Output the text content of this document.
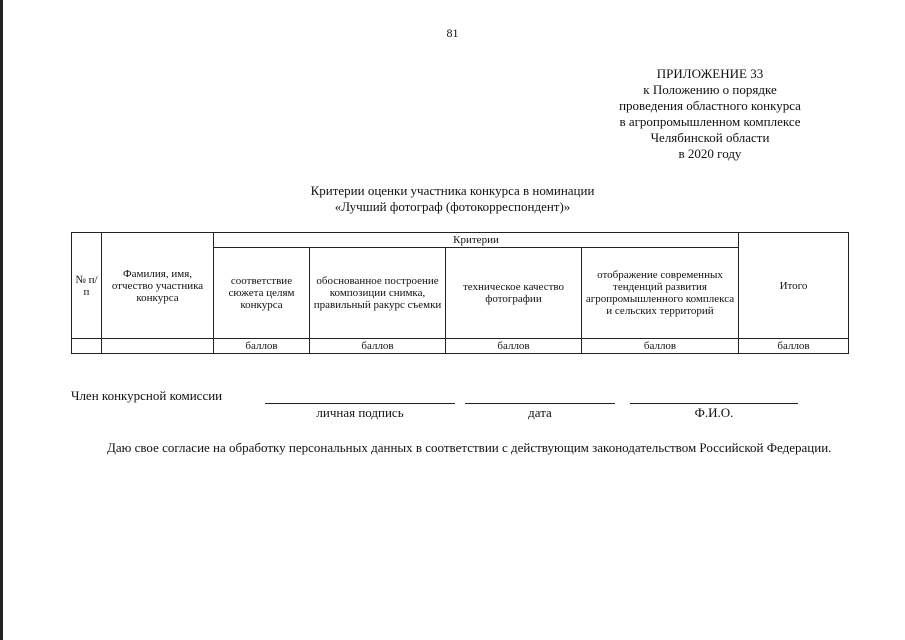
81
ПРИЛОЖЕНИЕ 33
к Положению о порядке
проведения областного конкурса
в агропромышленном комплексе
Челябинской области
в 2020 году
Критерии оценки участника конкурса в номинации
«Лучший фотограф (фотокорреспондент)»
№ п/п	Фамилия, имя, отчество участника конкурса	Критерии				Итого
		соответствие сюжета целям конкурса	обоснованное построение композиции снимка, правильный ракурс съемки	техническое качество фотографии	отображение современных тенденций развития агропромышленного комплекса и сельских территорий	
		баллов	баллов	баллов	баллов	баллов
Член конкурсной комиссии
личная подпись	дата	Ф.И.О.
Даю свое согласие на обработку персональных данных в соответствии с действующим законодательством Российской Федерации.
